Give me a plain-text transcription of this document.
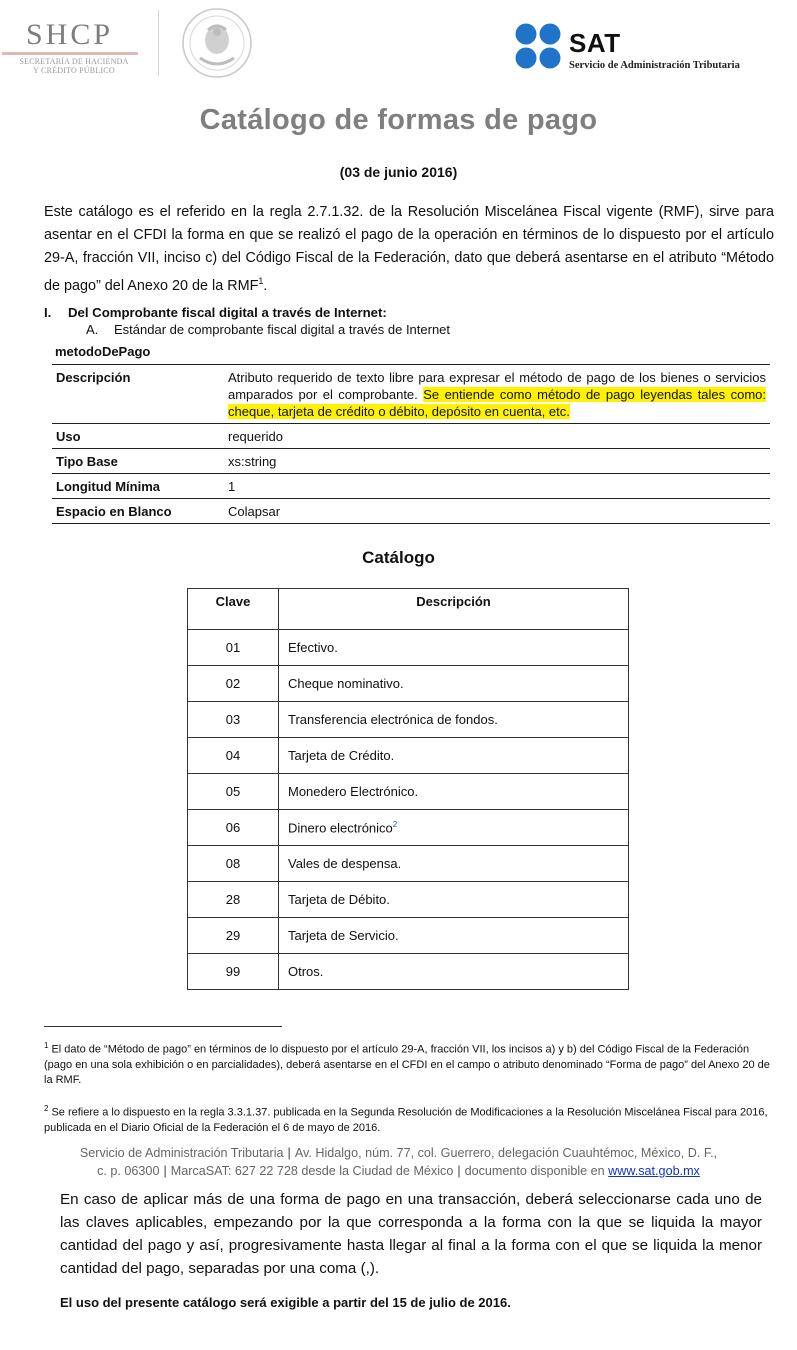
SHCP
SECRETARÍA DE HACIENDA
Y CRÉDITO PÚBLICO
SAT
Servicio de Administración Tributaria
Catálogo de formas de pago
(03 de junio 2016)
Este catálogo es el referido en la regla 2.7.1.32. de la Resolución Miscelánea Fiscal vigente (RMF), sirve para asentar en el CFDI la forma en que se realizó el pago de la operación en términos de lo dispuesto por el artículo 29-A, fracción VII, inciso c) del Código Fiscal de la Federación, dato que deberá asentarse en el atributo “Método de pago” del Anexo 20 de la RMF$^1$.
I. Del Comprobante fiscal digital a través de Internet:
A. Estándar de comprobante fiscal digital a través de Internet
metodoDePago
Descripción	Atributo requerido de texto libre para expresar el método de pago de los bienes o servicios amparados por el comprobante. Se entiende como método de pago leyendas tales como: cheque, tarjeta de crédito o débito, depósito en cuenta, etc.
Uso	requerido
Tipo Base	xs:string
Longitud Mínima	1
Espacio en Blanco	Colapsar
Catálogo
Clave	Descripción
01	Efectivo.
02	Cheque nominativo.
03	Transferencia electrónica de fondos.
04	Tarjeta de Crédito.
05	Monedero Electrónico.
06	Dinero electrónico$^2$
08	Vales de despensa.
28	Tarjeta de Débito.
29	Tarjeta de Servicio.
99	Otros.
$^1$ El dato de “Método de pago” en términos de lo dispuesto por el artículo 29-A, fracción VII, los incisos a) y b) del Código Fiscal de la Federación (pago en una sola exhibición o en parcialidades), deberá asentarse en el CFDI en el campo o atributo denominado “Forma de pago” del Anexo 20 de la RMF.
$^2$ Se refiere a lo dispuesto en la regla 3.3.1.37. publicada en la Segunda Resolución de Modificaciones a la Resolución Miscelánea Fiscal para 2016, publicada en el Diario Oficial de la Federación el 6 de mayo de 2016.
Servicio de Administración Tributaria | Av. Hidalgo, núm. 77, col. Guerrero, delegación Cuauhtémoc, México, D. F.,
c. p. 06300 | MarcaSAT: 627 22 728 desde la Ciudad de México | documento disponible en www.sat.gob.mx
En caso de aplicar más de una forma de pago en una transacción, deberá seleccionarse cada uno de las claves aplicables, empezando por la que corresponda a la forma con la que se liquida la mayor cantidad del pago y así, progresivamente hasta llegar al final a la forma con el que se liquida la menor cantidad del pago, separadas por una coma (,).
El uso del presente catálogo será exigible a partir del 15 de julio de 2016.
